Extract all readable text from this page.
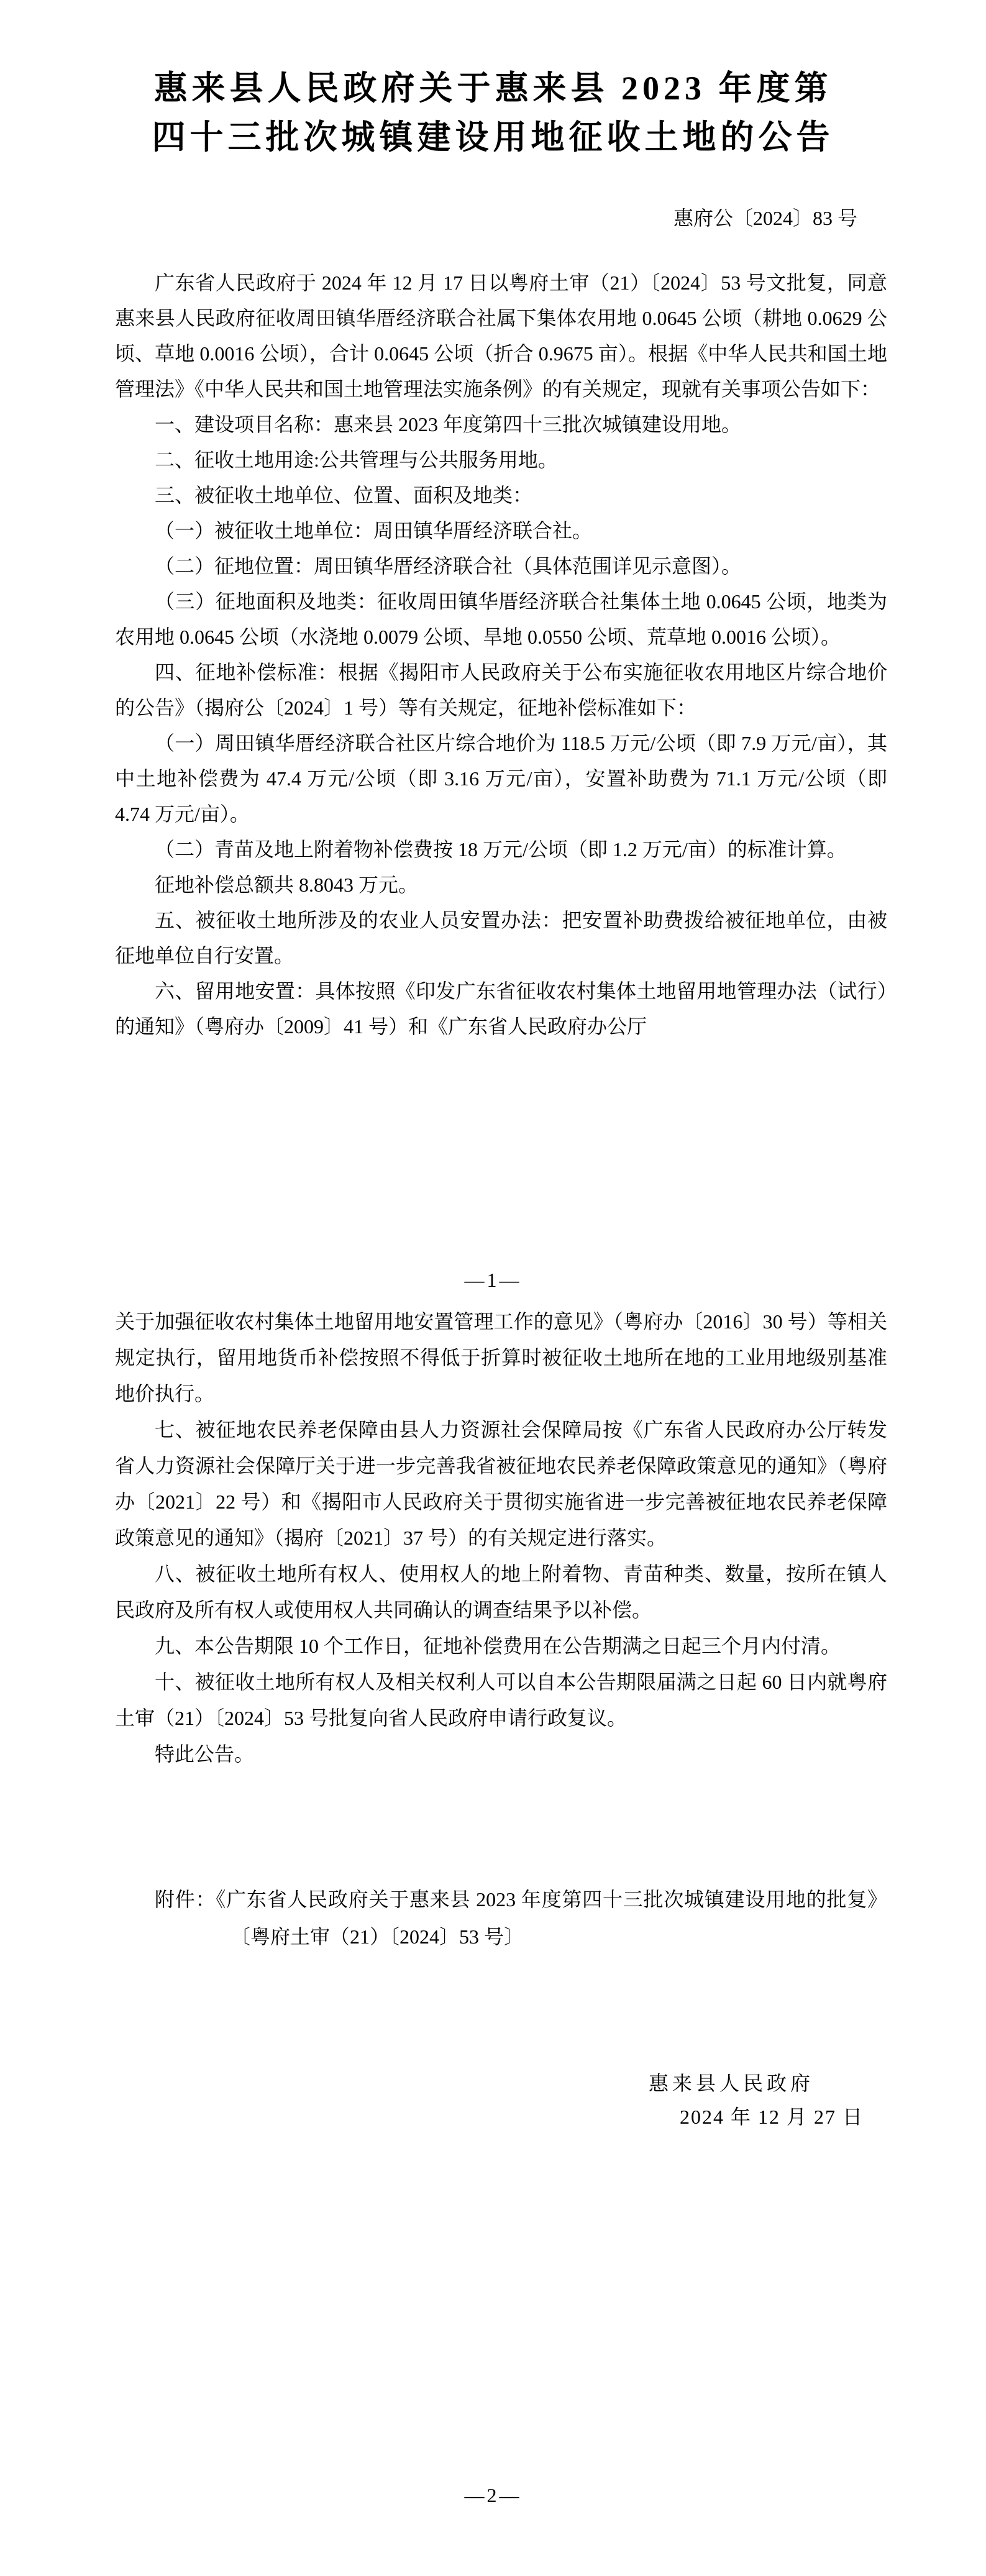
惠来县人民政府关于惠来县 2023 年度第
四十三批次城镇建设用地征收土地的公告
惠府公〔2024〕83 号

广东省人民政府于 2024 年 12 月 17 日以粤府土审（21）〔2024〕53 号文批复，同意惠来县人民政府征收周田镇华厝经济联合社属下集体农用地 0.0645 公顷（耕地 0.0629 公顷、草地 0.0016 公顷），合计 0.0645 公顷（折合 0.9675 亩）。根据《中华人民共和国土地管理法》《中华人民共和国土地管理法实施条例》的有关规定，现就有关事项公告如下：

一、建设项目名称：惠来县 2023 年度第四十三批次城镇建设用地。

二、征收土地用途:公共管理与公共服务用地。

三、被征收土地单位、位置、面积及地类：

（一）被征收土地单位：周田镇华厝经济联合社。

（二）征地位置：周田镇华厝经济联合社（具体范围详见示意图）。

（三）征地面积及地类：征收周田镇华厝经济联合社集体土地 0.0645 公顷，地类为农用地 0.0645 公顷（水浇地 0.0079 公顷、旱地 0.0550 公顷、荒草地 0.0016 公顷）。

四、征地补偿标准：根据《揭阳市人民政府关于公布实施征收农用地区片综合地价的公告》（揭府公〔2024〕1 号）等有关规定，征地补偿标准如下：

（一）周田镇华厝经济联合社区片综合地价为 118.5 万元/公顷（即 7.9 万元/亩），其中土地补偿费为 47.4 万元/公顷（即 3.16 万元/亩），安置补助费为 71.1 万元/公顷（即 4.74 万元/亩）。

（二）青苗及地上附着物补偿费按 18 万元/公顷（即 1.2 万元/亩）的标准计算。

征地补偿总额共 8.8043 万元。

五、被征收土地所涉及的农业人员安置办法：把安置补助费拨给被征地单位，由被征地单位自行安置。

六、留用地安置：具体按照《印发广东省征收农村集体土地留用地管理办法（试行）的通知》（粤府办〔2009〕41 号）和《广东省人民政府办公厅

—1—

关于加强征收农村集体土地留用地安置管理工作的意见》（粤府办〔2016〕30 号）等相关规定执行，留用地货币补偿按照不得低于折算时被征收土地所在地的工业用地级别基准地价执行。

七、被征地农民养老保障由县人力资源社会保障局按《广东省人民政府办公厅转发省人力资源社会保障厅关于进一步完善我省被征地农民养老保障政策意见的通知》（粤府办〔2021〕22 号）和《揭阳市人民政府关于贯彻实施省进一步完善被征地农民养老保障政策意见的通知》（揭府〔2021〕37 号）的有关规定进行落实。

八、被征收土地所有权人、使用权人的地上附着物、青苗种类、数量，按所在镇人民政府及所有权人或使用权人共同确认的调查结果予以补偿。

九、本公告期限 10 个工作日，征地补偿费用在公告期满之日起三个月内付清。

十、被征收土地所有权人及相关权利人可以自本公告期限届满之日起 60 日内就粤府土审（21）〔2024〕53 号批复向省人民政府申请行政复议。

特此公告。

附件：《广东省人民政府关于惠来县 2023 年度第四十三批次城镇建设用地的批复》〔粤府土审（21）〔2024〕53 号〕

惠来县人民政府
2024 年 12 月 27 日
—2—
